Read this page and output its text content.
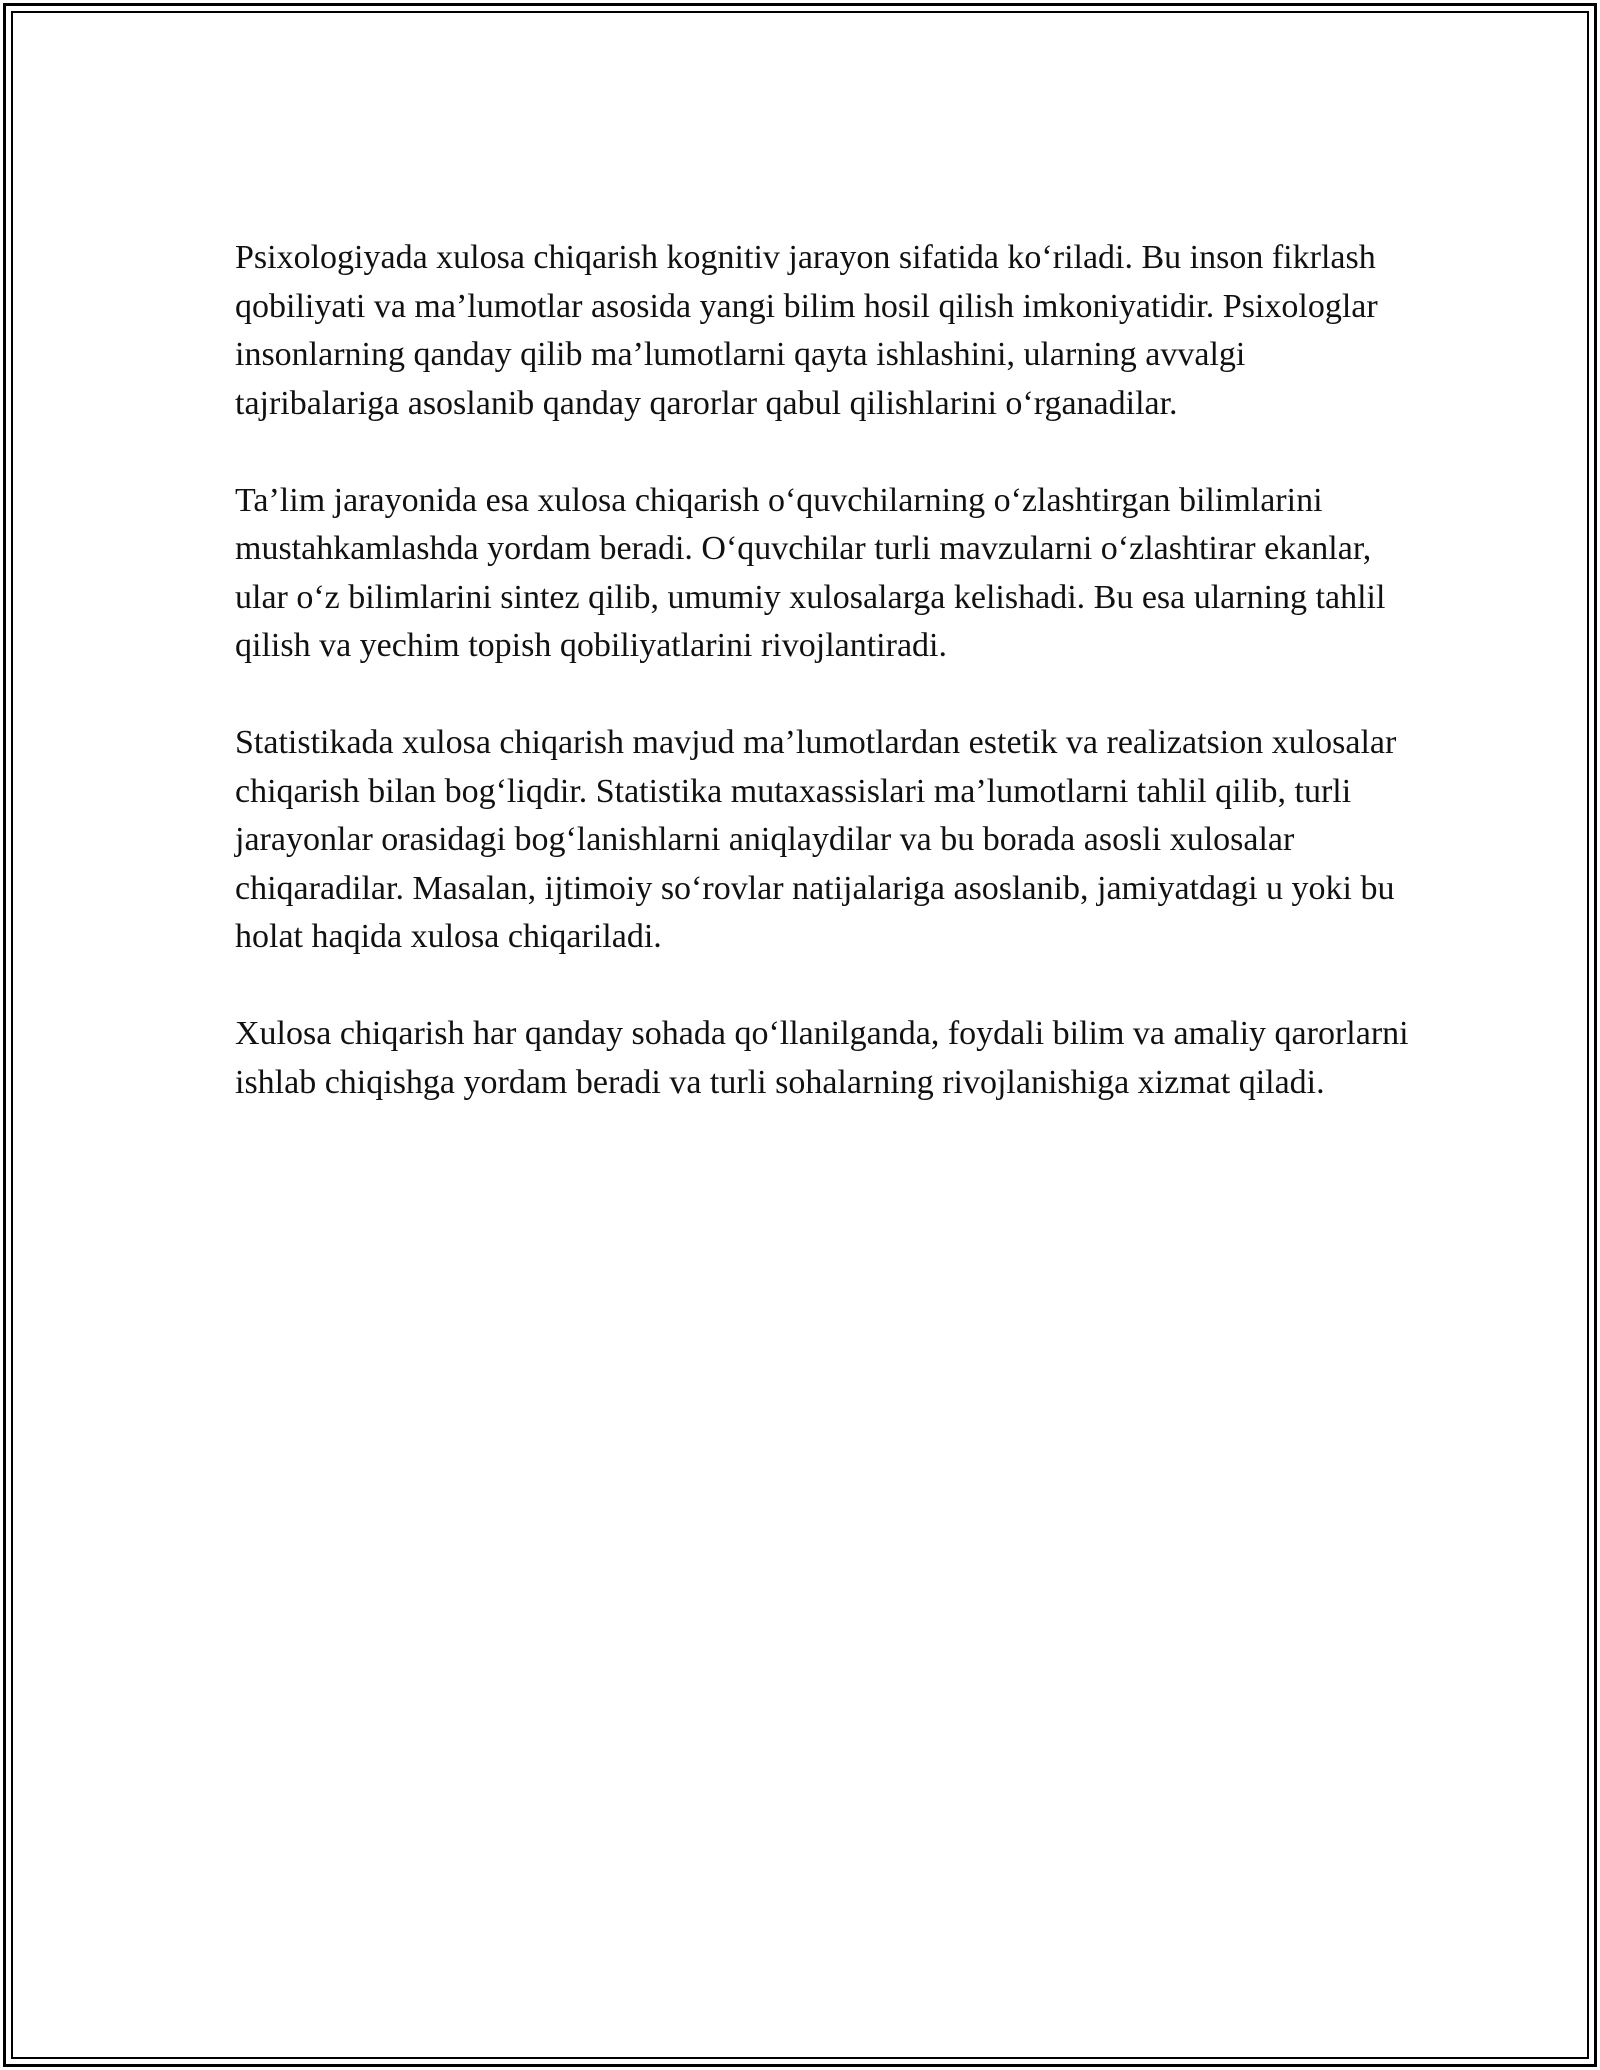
Psixologiyada xulosa chiqarish kognitiv jarayon sifatida ko‘riladi. Bu inson fikrlash qobiliyati va ma’lumotlar asosida yangi bilim hosil qilish imkoniyatidir. Psixologlar insonlarning qanday qilib ma’lumotlarni qayta ishlashini, ularning avvalgi tajribalariga asoslanib qanday qarorlar qabul qilishlarini o‘rganadilar.

Ta’lim jarayonida esa xulosa chiqarish o‘quvchilarning o‘zlashtirgan bilimlarini mustahkamlashda yordam beradi. O‘quvchilar turli mavzularni o‘zlashtirar ekanlar, ular o‘z bilimlarini sintez qilib, umumiy xulosalarga kelishadi. Bu esa ularning tahlil qilish va yechim topish qobiliyatlarini rivojlantiradi.

Statistikada xulosa chiqarish mavjud ma’lumotlardan estetik va realizatsion xulosalar chiqarish bilan bog‘liqdir. Statistika mutaxassislari ma’lumotlarni tahlil qilib, turli jarayonlar orasidagi bog‘lanishlarni aniqlaydilar va bu borada asosli xulosalar chiqaradilar. Masalan, ijtimoiy so‘rovlar natijalariga asoslanib, jamiyatdagi u yoki bu holat haqida xulosa chiqariladi.

Xulosa chiqarish har qanday sohada qo‘llanilganda, foydali bilim va amaliy qarorlarni ishlab chiqishga yordam beradi va turli sohalarning rivojlanishiga xizmat qiladi.
